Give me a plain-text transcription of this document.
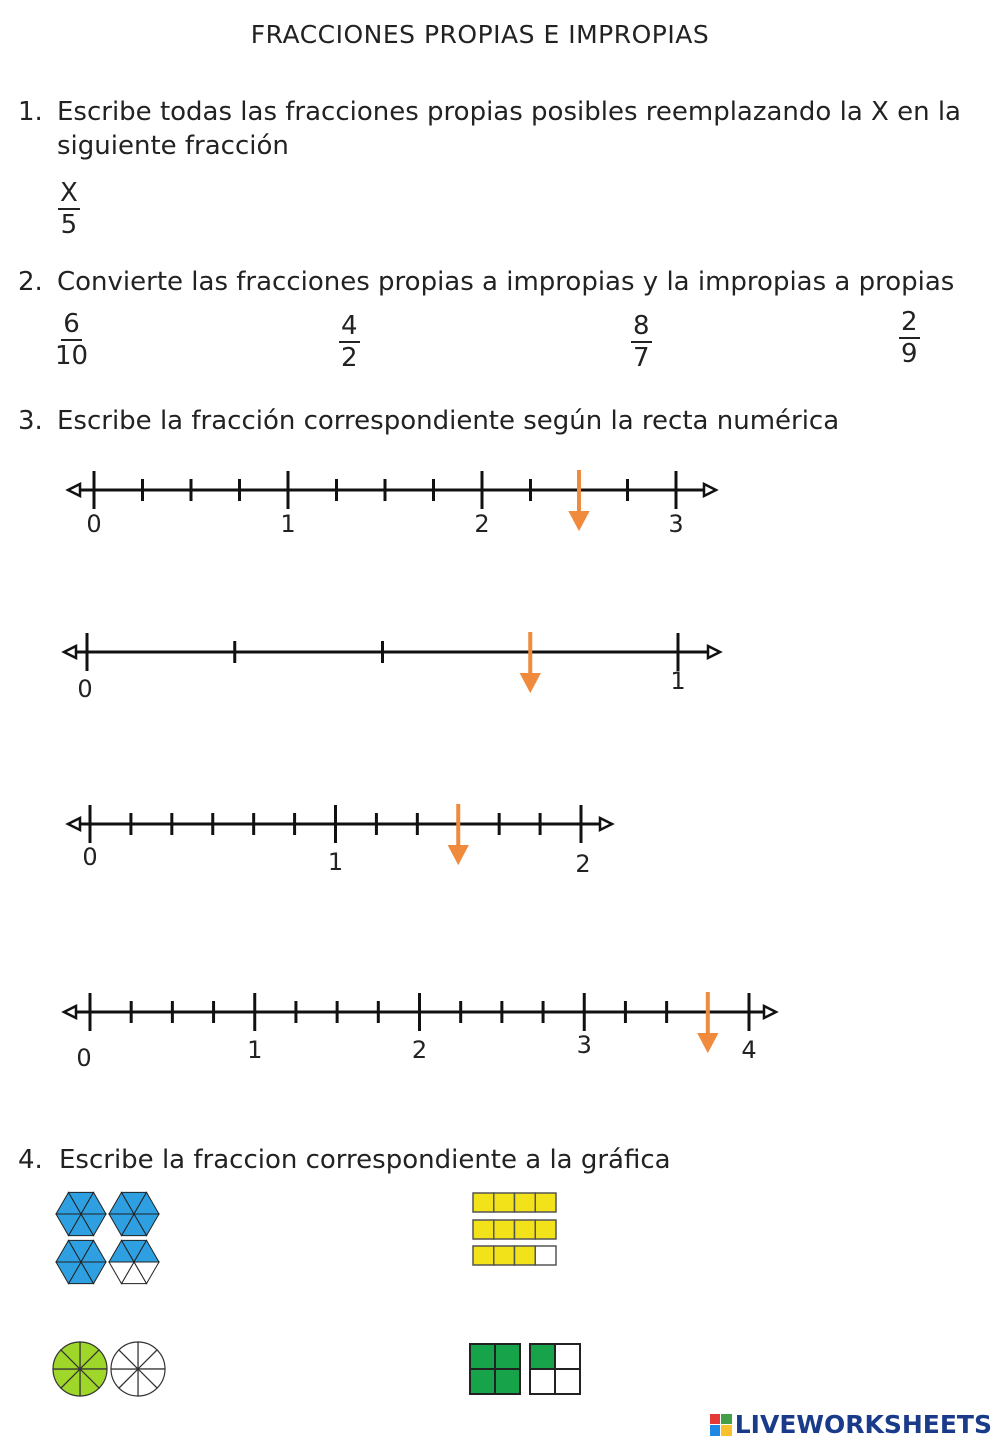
FRACCIONES PROPIAS E IMPROPIAS
1. Escribe todas las fracciones propias posibles reemplazando la X en la
siguiente fracción
$\frac{X}{5}$
2. Convierte las fracciones propias a impropias y la impropias a propias
$\frac{6}{10}$	$\frac{4}{2}$	$\frac{8}{7}$	$\frac{2}{9}$
3. Escribe la fracción correspondiente según la recta numérica
0	1	2	3
0	1
0	1	2
0	1	2	3	4
4. Escribe la fraccion correspondiente a la gráfica
LIVEWORKSHEETS
